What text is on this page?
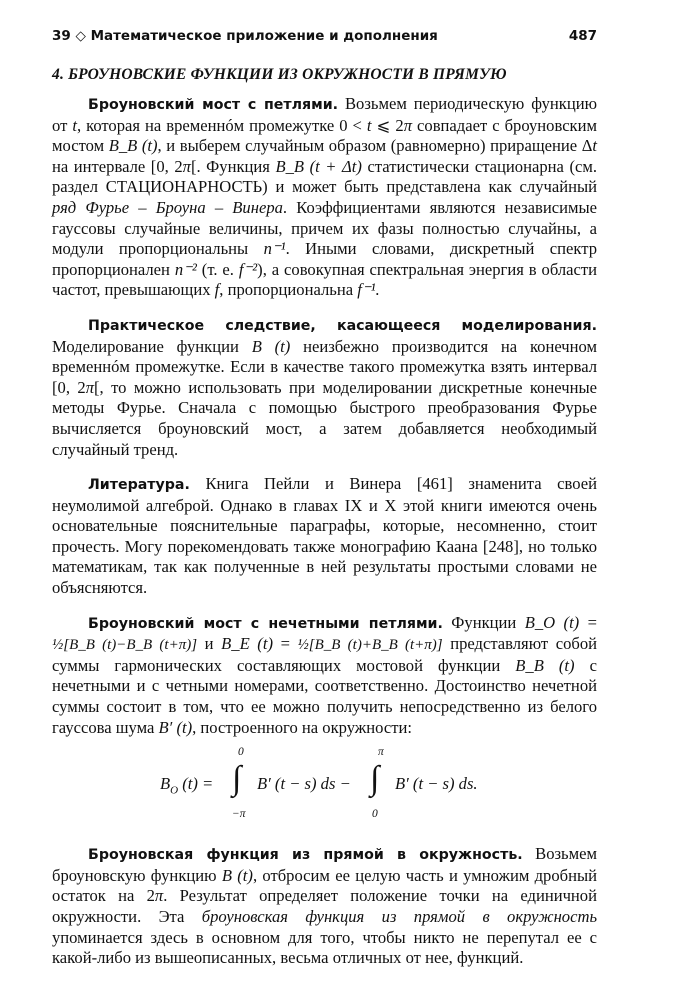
39 ◇ Математическое приложение и дополнения	487
4. БРОУНОВСКИЕ ФУНКЦИИ ИЗ ОКРУЖНОСТИ В ПРЯМУЮ

Броуновский мост с петлями. Возьмем периодическую функцию от t, которая на временнóм промежутке 0 < t ⩽ 2π совпадает с броуновским мостом B_B (t), и выберем случайным образом (равномерно) приращение Δt на интервале [0, 2π[. Функция B_B (t + Δt) статистически стационарна (см. раздел СТАЦИОНАРНОСТЬ) и может быть представлена как случайный ряд Фурье – Броуна – Винера. Коэффициентами являются независимые гауссовы случайные величины, причем их фазы полностью случайны, а модули пропорциональны n⁻¹. Иными словами, дискретный спектр пропорционален n⁻² (т. е. f⁻²), а совокупная спектральная энергия в области частот, превышающих f, пропорциональна f⁻¹.

Практическое следствие, касающееся моделирования. Моделирование функции B (t) неизбежно производится на конечном временнóм промежутке. Если в качестве такого промежутка взять интервал [0, 2π[, то можно использовать при моделировании дискретные конечные методы Фурье. Сначала с помощью быстрого преобразования Фурье вычисляется броуновский мост, а затем добавляется необходимый случайный тренд.

Литература. Книга Пейли и Винера [461] знаменита своей неумолимой алгеброй. Однако в главах IX и X этой книги имеются очень основательные пояснительные параграфы, которые, несомненно, стоит прочесть. Могу порекомендовать также монографию Каана [248], но только математикам, так как полученные в ней результаты простыми словами не объясняются.

Броуновский мост с нечетными петлями. Функции B_O (t) = ½[B_B (t)−B_B (t+π)] и B_E (t) = ½[B_B (t)+B_B (t+π)] представляют собой суммы гармонических составляющих мостовой функции B_B (t) с нечетными и с четными номерами, соответственно. Достоинство нечетной суммы состоит в том, что ее можно получить непосредственно из белого гауссова шума B′ (t), построенного на окружности:

$B_O$ (t) =
0
∫
−π
B′ (t − s) ds −
π
∫
0
B′ (t − s) ds.

Броуновская функция из прямой в окружность. Возьмем броуновскую функцию B (t), отбросим ее целую часть и умножим дробный остаток на 2π. Результат определяет положение точки на единичной окружности. Эта броуновская функция из прямой в окружность упоминается здесь в основном для того, чтобы никто не перепутал ее с какой-либо из вышеописанных, весьма отличных от нее, функций.
